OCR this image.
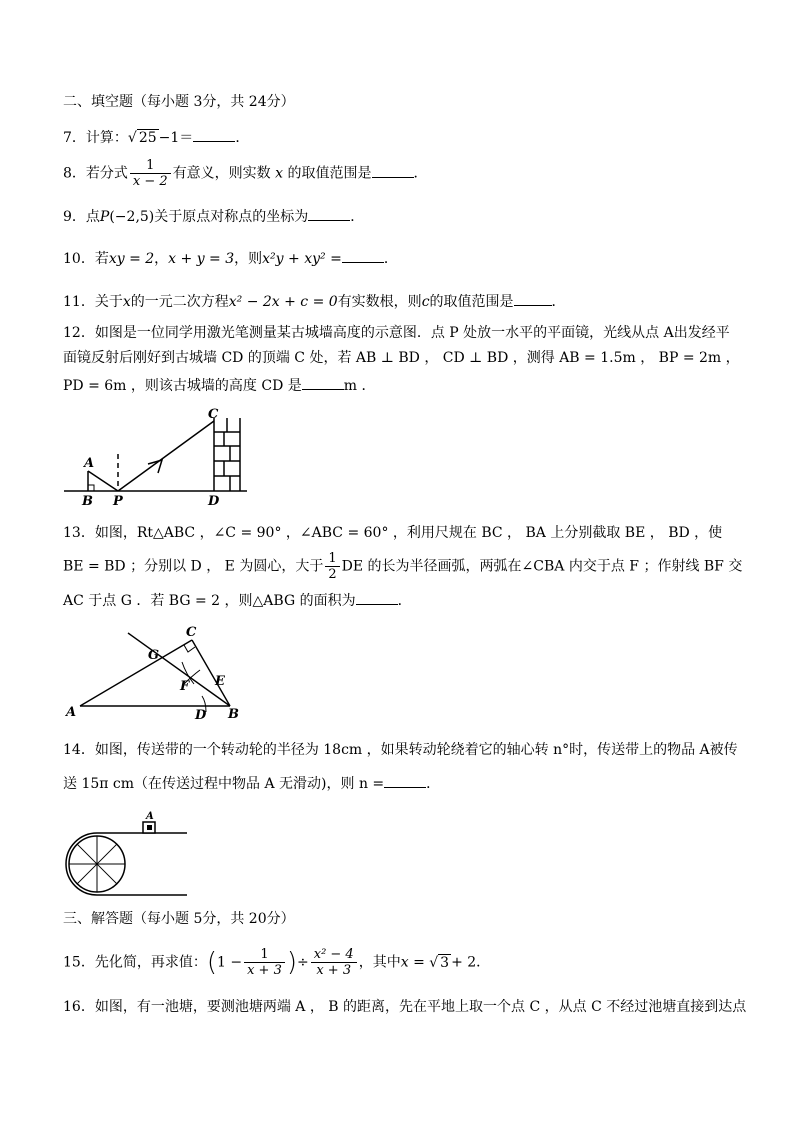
二、填空题（每小题 3分，共 24分）
7．计算：√ 25 −1＝	．
8．若分式 $\frac{1}{x - 2}$ 有意义，则实数 x 的取值范围是	．
9．点P(−2,5)关于原点对称点的坐标为	．
10．若xy = 2，x + y = 3，则x²y + xy² =	．
11．关于x的一元二次方程x² − 2x + c = 0有实数根，则c的取值范围是	．
12．如图是一位同学用激光笔测量某古城墙高度的示意图．点 P 处放一水平的平面镜，光线从点 A出发经平
面镜反射后刚好到古城墙 CD 的顶端 C 处，若 AB ⊥ BD ， CD ⊥ BD ，测得 AB = 1.5m ， BP = 2m ，
PD = 6m ，则该古城墙的高度 CD 是	m ．
A
B P	D
C
13．如图，Rt△ABC ，∠C = 90° ，∠ABC = 60° ，利用尺规在 BC ， BA 上分别截取 BE ， BD ，使
BE = BD ；分别以 D ， E 为圆心，大于 $\frac{1}{2}$ DE 的长为半径画弧，两弧在∠CBA 内交于点 F ；作射线 BF 交
AC 于点 G ．若 BG = 2 ，则△ABG 的面积为	．
C
G
F E
A	D B
14．如图，传送带的一个转动轮的半径为 18cm ，如果转动轮绕着它的轴心转 n°时，传送带上的物品 A被传
送 15π cm（在传送过程中物品 A 无滑动)，则 n =	．
A
三、解答题（每小题 5分，共 20分）
15．先化简，再求值：($1 - \frac{1}{x + 3}$ )÷ $\frac{\text{x² − 4}}{x + 3}$ ，其中x = √ 3 + 2．
16．如图，有一池塘，要测池塘两端 A ， B 的距离，先在平地上取一个点 C ，从点 C 不经过池塘直接到达点
